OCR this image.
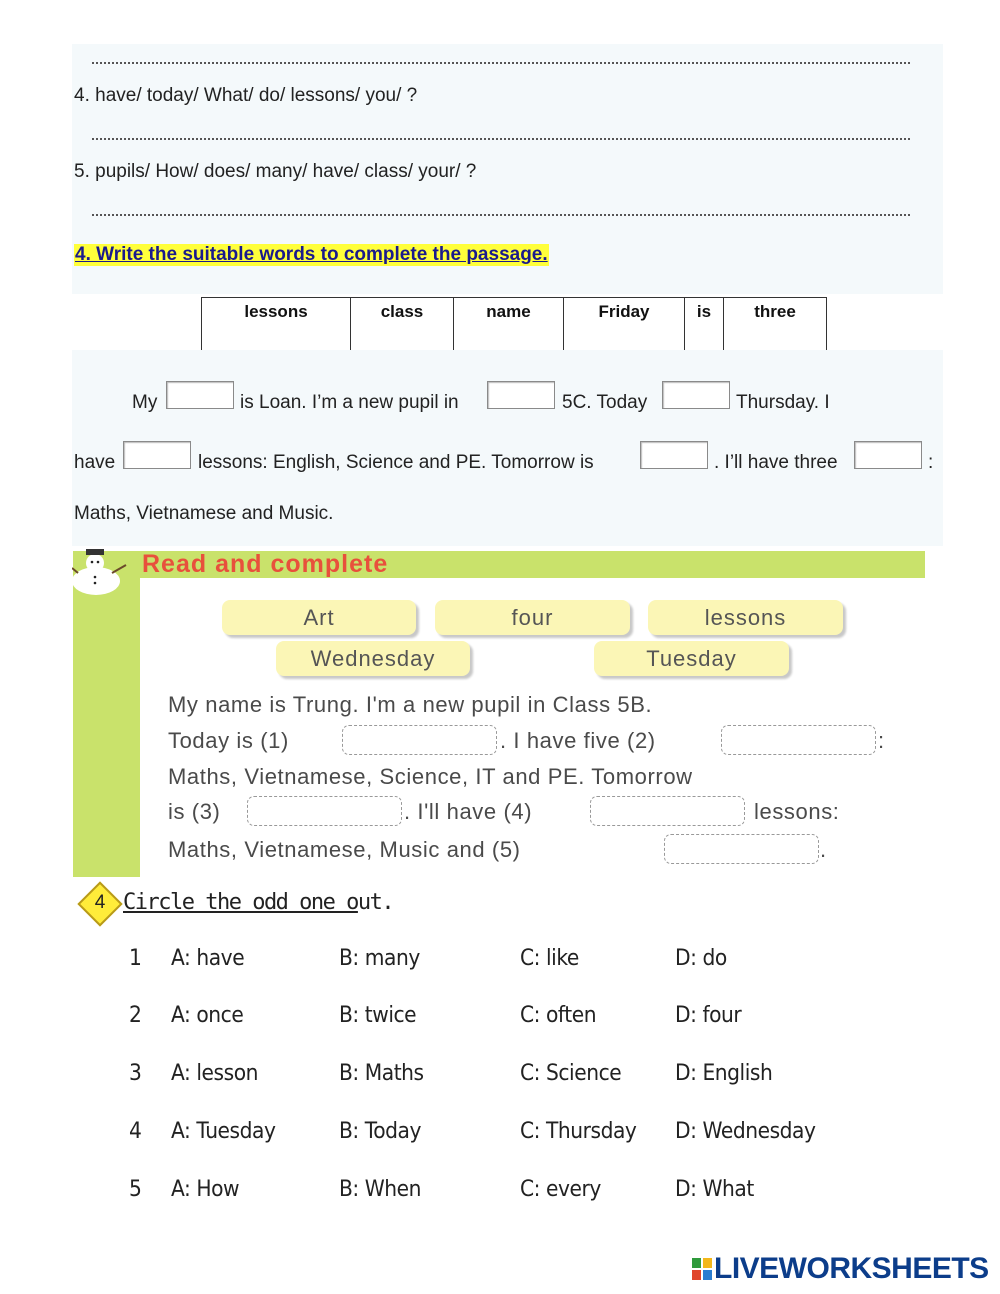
4. have/ today/ What/ do/ lessons/ you/ ?
5. pupils/ How/ does/ many/ have/ class/ your/ ?
4. Write the suitable words to complete the passage.
lessons	class	name	Friday	is	three
My	is Loan. I’m a new pupil in	5C. Today	Thursday. I
have	lessons: English, Science and PE. Tomorrow is	. I’ll have three	:
Maths, Vietnamese and Music.
Read and complete
Art	four	lessons
Wednesday	Tuesday
My name is Trung. I'm a new pupil in Class 5B.
Today is (1)	. I have five (2)	:
Maths, Vietnamese, Science, IT and PE. Tomorrow
is (3)	. I'll have (4)	lessons:
Maths, Vietnamese, Music and (5)	.
4 Circle the odd one out.
1 A: have	B: many	C: like	D: do
2 A: once	B: twice	C: often	D: four
3 A: lesson	B: Maths	C: Science D: English
4 A: Tuesday	B: Today	C: Thursday D: Wednesday
5 A: How	B: When	C: every	D: What
LIVEWORKSHEETS
